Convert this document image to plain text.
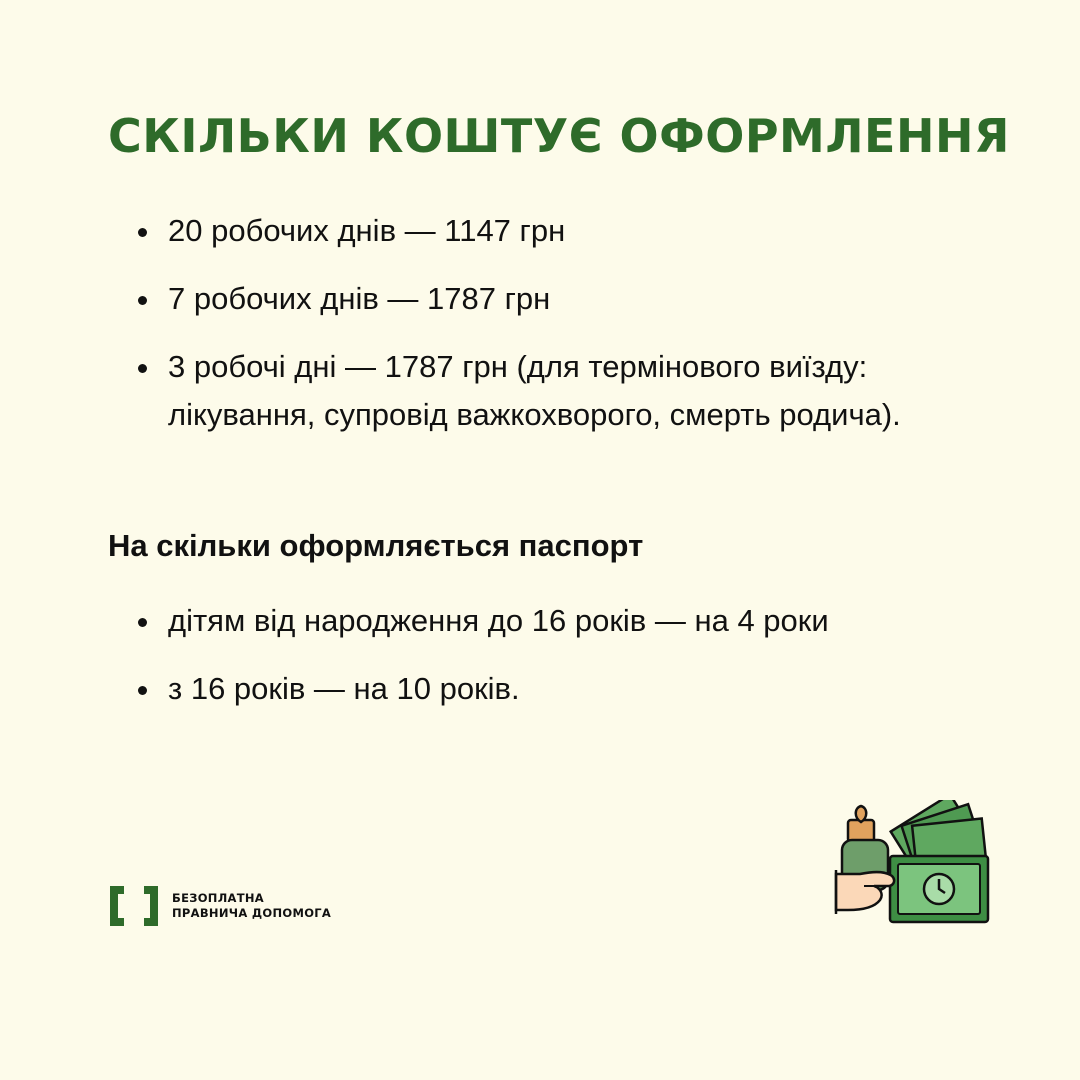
СКІЛЬКИ КОШТУЄ ОФОРМЛЕННЯ
20 робочих днів — 1147 грн
7 робочих днів — 1787 грн
3 робочі дні — 1787 грн (для термінового виїзду: лікування, супровід важкохворого, смерть родича).
На скільки оформляється паспорт
дітям від народження до 16 років — на 4 роки
з 16 років — на 10 років.
БЕЗОПЛАТНА
ПРАВНИЧА ДОПОМОГА
